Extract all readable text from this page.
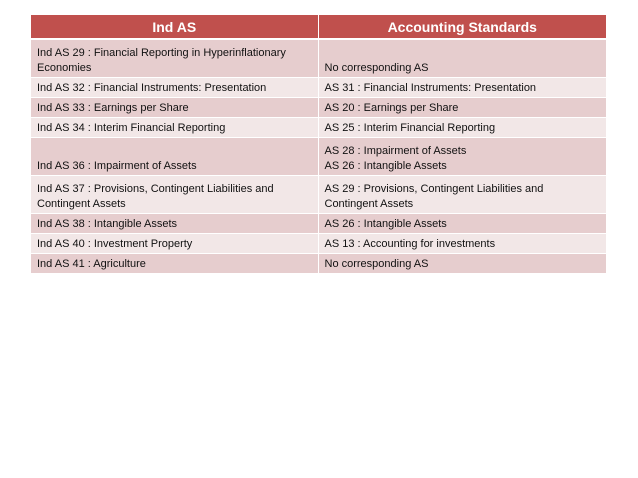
Ind AS	Accounting Standards

Ind AS 29 : Financial Reporting in Hyperinflationary
Economies	No corresponding AS

Ind AS 32 : Financial Instruments: Presentation	AS 31 : Financial Instruments: Presentation

Ind AS 33 : Earnings per Share	AS 20 : Earnings per Share

Ind AS 34 : Interim Financial Reporting	AS 25 : Interim Financial Reporting

Ind AS 36 : Impairment of Assets	AS 28 : Impairment of Assets
AS 26 : Intangible Assets

Ind AS 37 : Provisions, Contingent Liabilities and
Contingent Assets	AS 29 : Provisions, Contingent Liabilities and
Contingent Assets

Ind AS 38 : Intangible Assets	AS 26 : Intangible Assets

Ind AS 40 : Investment Property	AS 13 : Accounting for investments

Ind AS 41 : Agriculture	No corresponding AS
